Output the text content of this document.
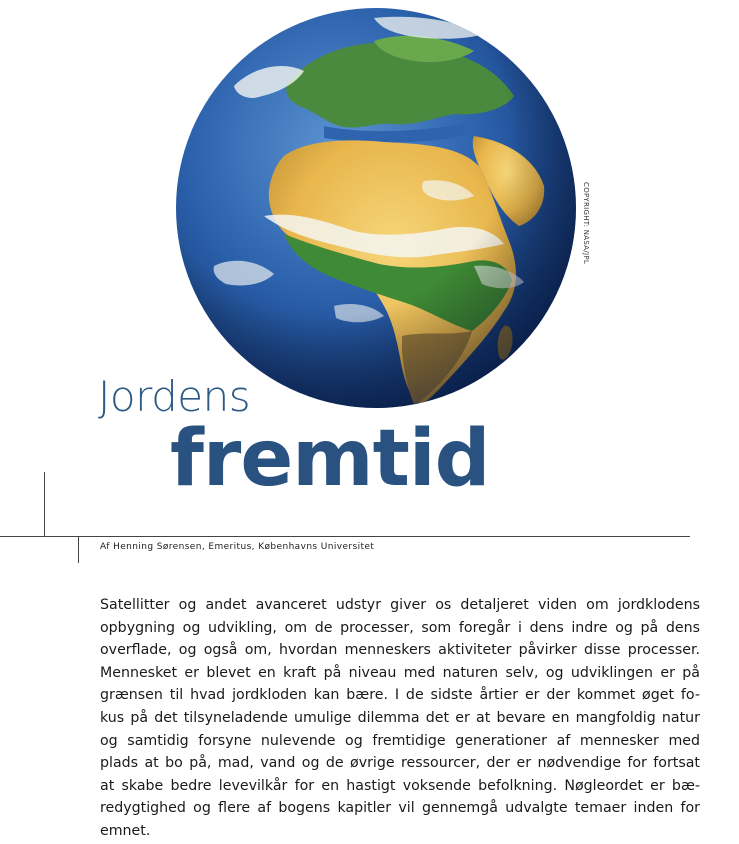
COPYRIGHT: NASA/JPL
Jordens
fremtid
Af Henning Sørensen, Emeritus, Københavns Universitet
Satellitter og andet avanceret udstyr giver os detaljeret viden om jordklodens
opbygning og udvikling, om de processer, som foregår i dens indre og på dens
overflade, og også om, hvordan menneskers aktiviteter påvirker disse processer.
Mennesket er blevet en kraft på niveau med naturen selv, og udviklingen er på
grænsen til hvad jordkloden kan bære. I de sidste årtier er der kommet øget fo-
kus på det tilsyneladende umulige dilemma det er at bevare en mangfoldig natur
og samtidig forsyne nulevende og fremtidige generationer af mennesker med
plads at bo på, mad, vand og de øvrige ressourcer, der er nødvendige for fortsat
at skabe bedre levevilkår for en hastigt voksende befolkning. Nøgleordet er bæ-
redygtighed og flere af bogens kapitler vil gennemgå udvalgte temaer inden for
emnet.
